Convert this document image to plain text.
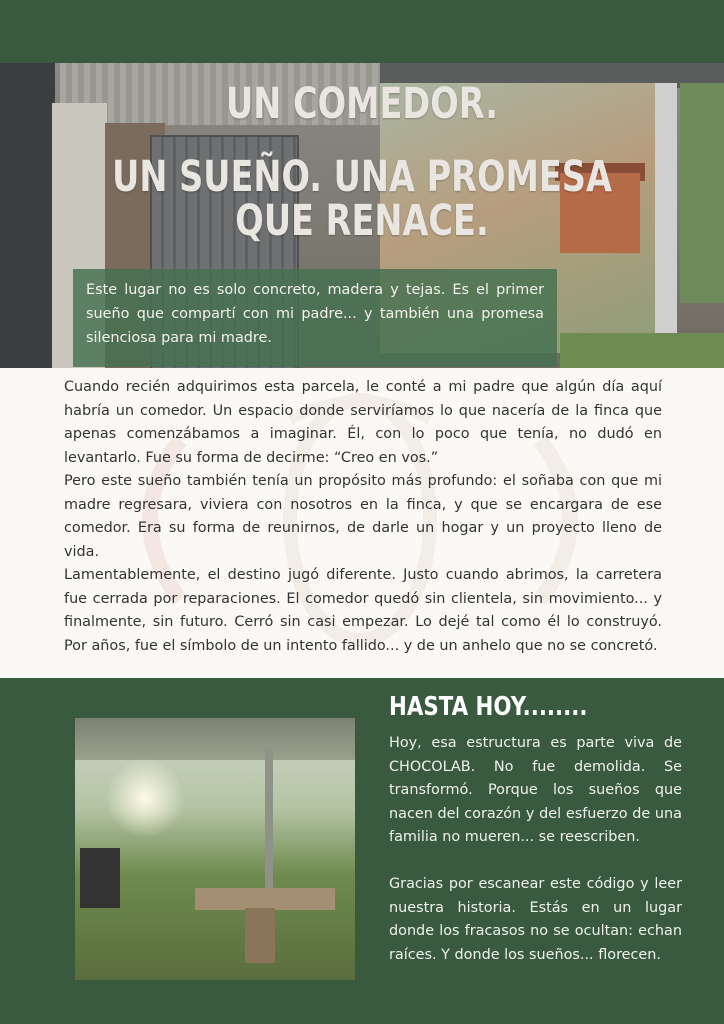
UN COMEDOR.
UN SUEÑO. UNA PROMESA
QUE RENACE.

Este lugar no es solo concreto, madera y tejas. Es el primer sueño que compartí con mi padre... y también una promesa silenciosa para mi madre.

Cuando recién adquirimos esta parcela, le conté a mi padre que algún día aquí habría un comedor. Un espacio donde serviríamos lo que nacería de la finca que apenas comenzábamos a imaginar. Él, con lo poco que tenía, no dudó en levantarlo. Fue su forma de decirme: “Creo en vos.”

Pero este sueño también tenía un propósito más profundo: el soñaba con que mi madre regresara, viviera con nosotros en la finca, y que se encargara de ese comedor. Era su forma de reunirnos, de darle un hogar y un proyecto lleno de vida.

Lamentablemente, el destino jugó diferente. Justo cuando abrimos, la carretera fue cerrada por reparaciones. El comedor quedó sin clientela, sin movimiento... y finalmente, sin futuro. Cerró sin casi empezar. Lo dejé tal como él lo construyó. Por años, fue el símbolo de un intento fallido... y de un anhelo que no se concretó.

HASTA HOY........

Hoy, esa estructura es parte viva de CHOCOLAB. No fue demolida. Se transformó. Porque los sueños que nacen del corazón y del esfuerzo de una familia no mueren... se reescriben.

Gracias por escanear este código y leer nuestra historia. Estás en un lugar donde los fracasos no se ocultan: echan raíces. Y donde los sueños... florecen.
